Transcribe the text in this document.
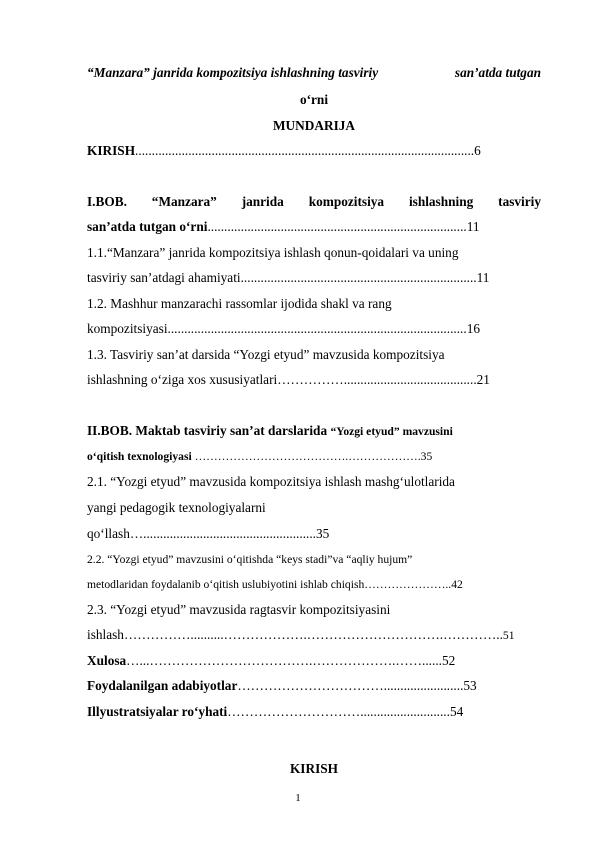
“Manzara” janrida kompozitsiya ishlashning tasviriy	san’atda tutgan
o‘rni
MUNDARIJA
KIRISH......................................................................................................6
I.BOB. “Manzara” janrida kompozitsiya ishlashning tasviriy
san’atda tutgan o‘rni..............................................................................11
1.1.“Manzara” janrida kompozitsiya ishlash qonun-qoidalari va uning
tasviriy san’atdagi ahamiyati.......................................................................11
1.2. Mashhur manzarachi rassomlar ijodida shakl va rang
kompozitsiyasi..........................................................................................16
1.3. Tasviriy san’at darsida “Yozgi etyud” mavzusida kompozitsiya
ishlashning o‘ziga xos xususiyatlari……………........................................21
II.BOB. Maktab tasviriy san’at darslarida “Yozgi etyud” mavzusini
o‘qitish texnologiyasi ………………………………….……………….35
2.1. “Yozgi etyud” mavzusida kompozitsiya ishlash mashg‘ulotlarida
yangi pedagogik texnologiyalarni
qo‘llash…....................................................35
2.2. “Yozgi etyud” mavzusini o‘qitishda “keys stadi”va “aqliy hujum”
metodlaridan foydalanib o‘qitish uslubiyotini ishlab chiqish…………………..42
2.3. “Yozgi etyud” mavzusida ragtasvir kompozitsiyasini
ishlash……………..........……………….………………………….…………..51
Xulosa…...……………………………….……………….……......52
Foydalanilgan adabiyotlar……………………………........................53
Illyustratsiyalar ro‘yhati…………………………...........................54
KIRISH
1
